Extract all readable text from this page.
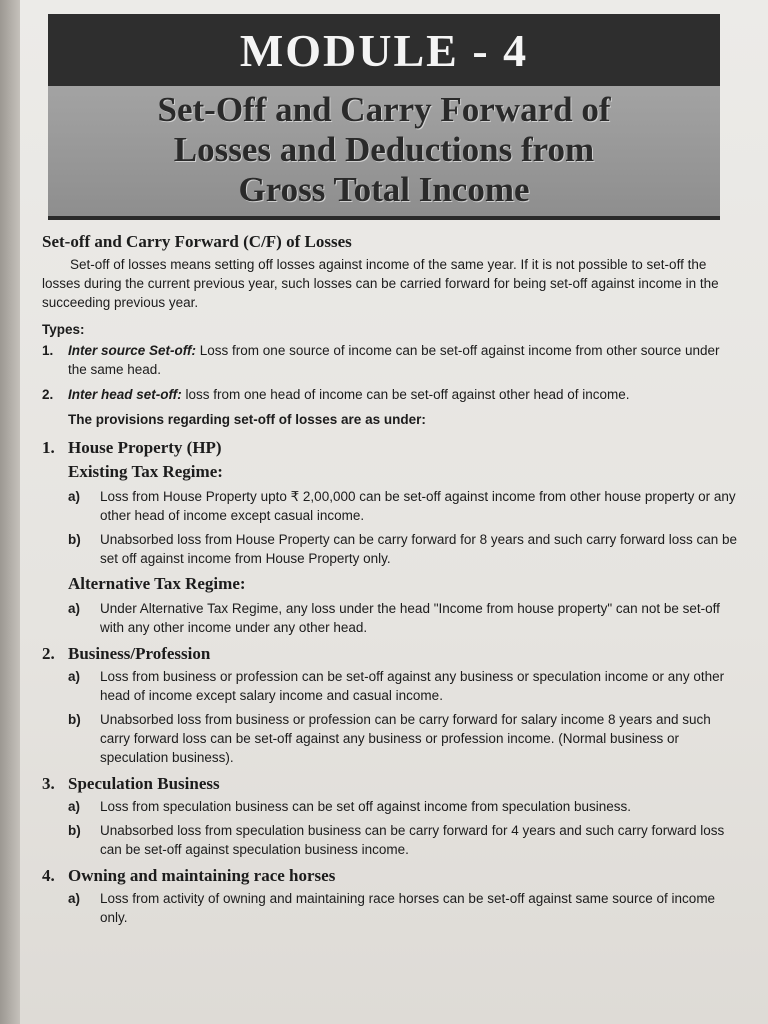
MODULE - 4
Set-Off and Carry Forward of
Losses and Deductions from
Gross Total Income
Set-off and Carry Forward (C/F) of Losses

Set-off of losses means setting off losses against income of the same year. If it is not possible to set-off the losses during the current previous year, such losses can be carried forward for being set-off against income in the succeeding previous year.

Types:
1.	Inter source Set-off: Loss from one source of income can be set-off against income from other source under the same head.
2.	Inter head set-off: loss from one head of income can be set-off against other head of income.
The provisions regarding set-off of losses are as under:
1. House Property (HP)
Existing Tax Regime:
a)	Loss from House Property upto ₹ 2,00,000 can be set-off against income from other house property or any other head of income except casual income.
b)	Unabsorbed loss from House Property can be carry forward for 8 years and such carry forward loss can be set off against income from House Property only.
Alternative Tax Regime:
a)	Under Alternative Tax Regime, any loss under the head "Income from house property" can not be set-off with any other income under any other head.
2. Business/Profession
a)	Loss from business or profession can be set-off against any business or speculation income or any other head of income except salary income and casual income.
b)	Unabsorbed loss from business or profession can be carry forward for salary income 8 years and such carry forward loss can be set-off against any business or profession income. (Normal business or speculation business).
3. Speculation Business
a)	Loss from speculation business can be set off against income from speculation business.
b)	Unabsorbed loss from speculation business can be carry forward for 4 years and such carry forward loss can be set-off against speculation business income.
4. Owning and maintaining race horses
a)	Loss from activity of owning and maintaining race horses can be set-off against same source of income only.
